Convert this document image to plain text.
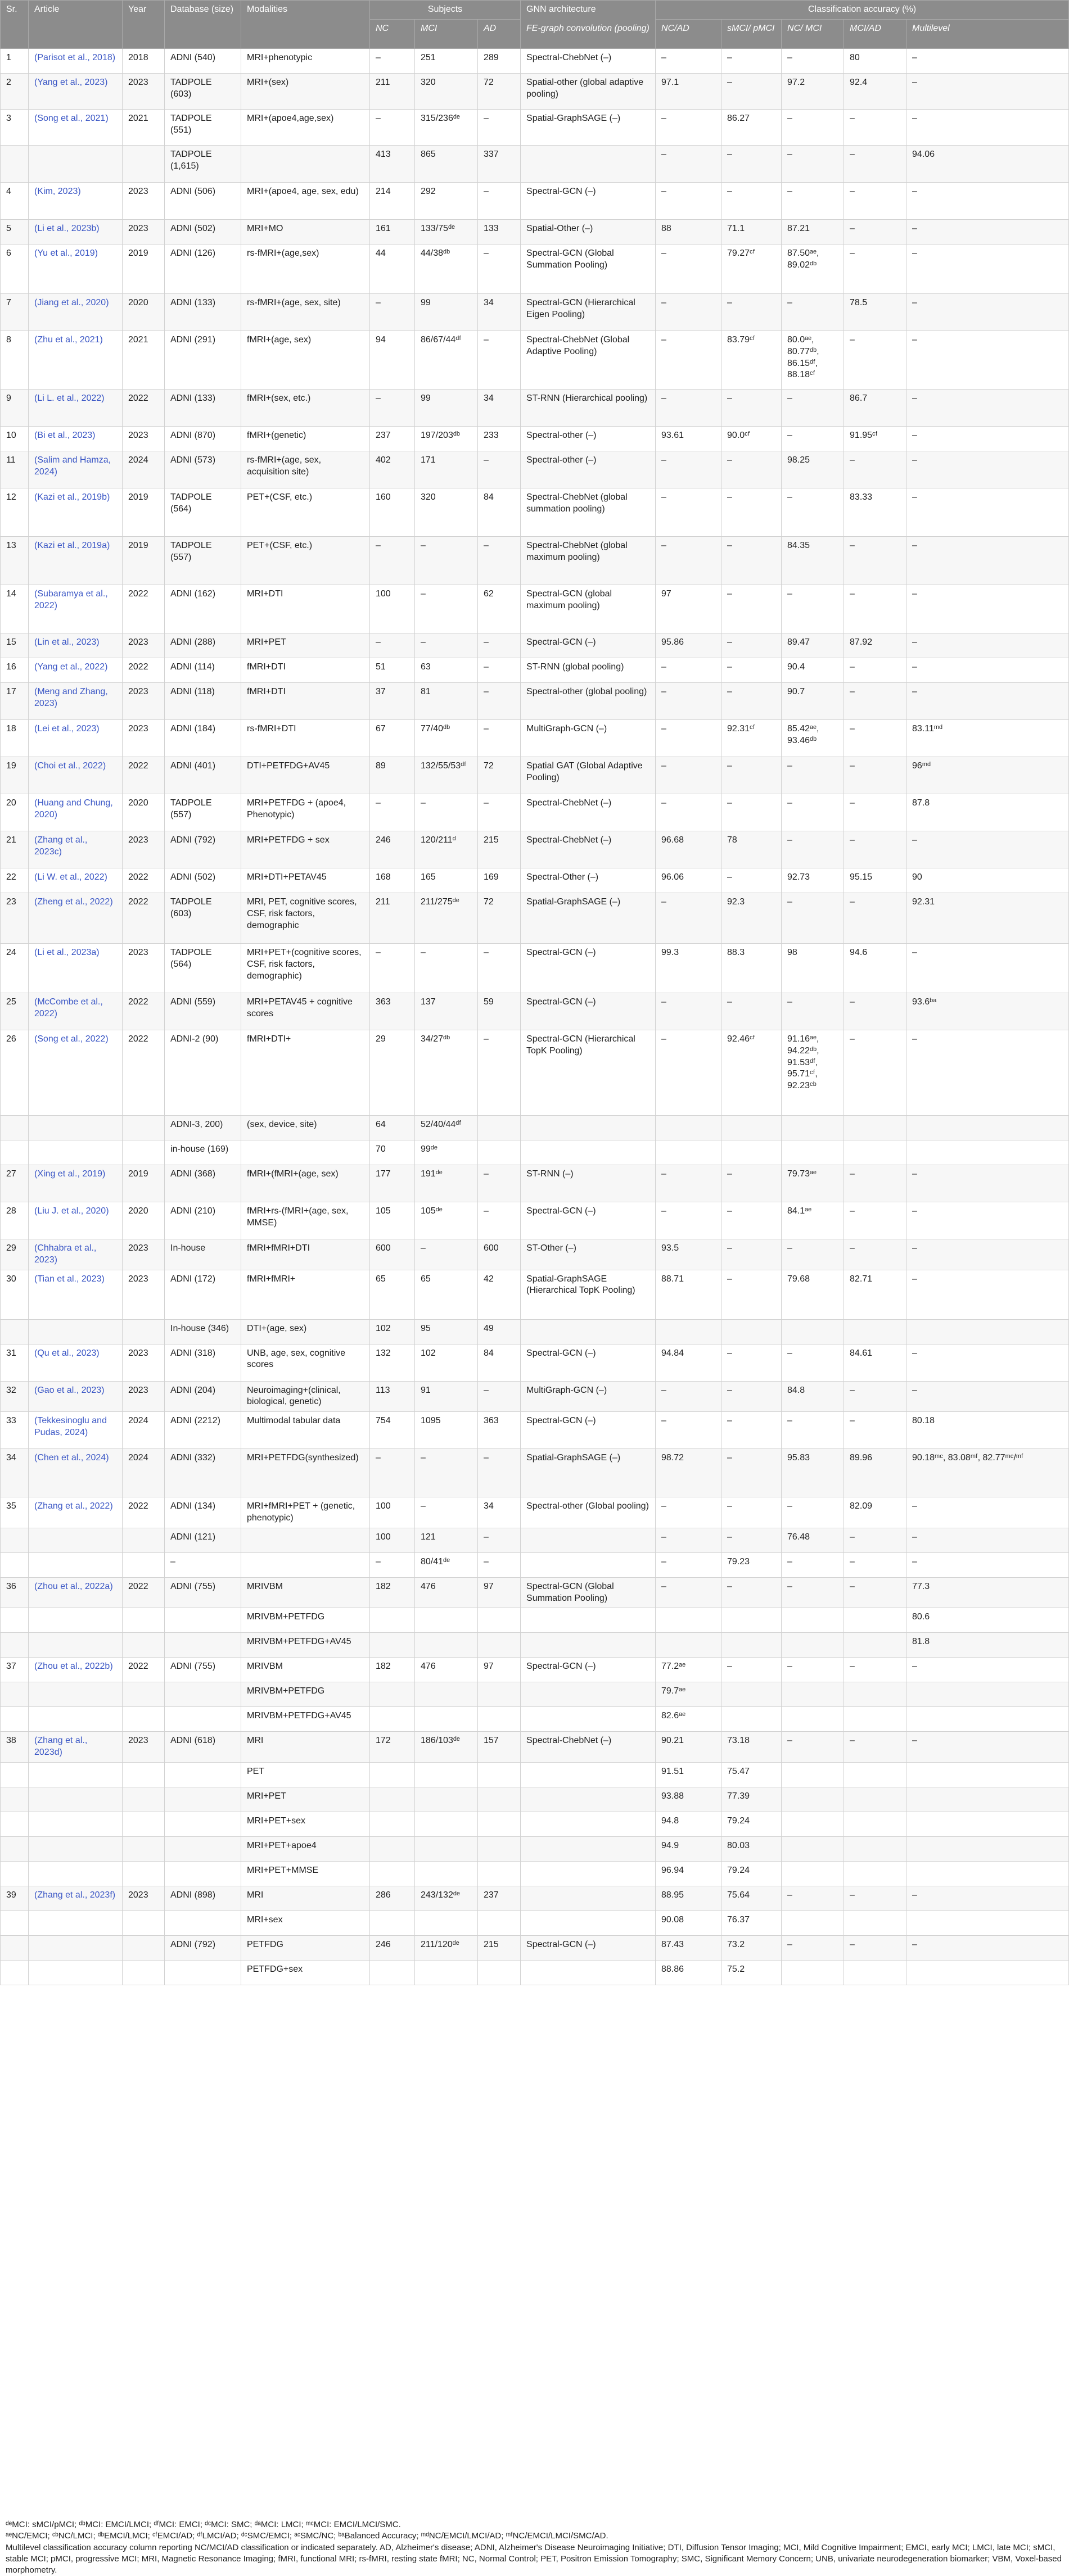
Sr.	Article	Year	Database (size)	Modalities	Subjects			GNN architecture	Classification accuracy (%)				
					NC	MCI	AD	FE-graph convolution (pooling)	NC/AD	sMCI/ pMCI	NC/ MCI	MCI/AD	Multilevel
1	(Parisot et al., 2018)	2018	ADNI (540)	MRI+phenotypic	–	251	289	Spectral-ChebNet (–)	–	–	–	80	–
2	(Yang et al., 2023)	2023	TADPOLE (603)	MRI+(sex)	211	320	72	Spatial-other (global adaptive pooling)	97.1	–	97.2	92.4	–
3	(Song et al., 2021)	2021	TADPOLE (551)	MRI+(apoe4,age,sex)	–	315/236ᵈᵉ	–	Spatial-GraphSAGE (–)	–	86.27	–	–	–
			TADPOLE (1,615)		413	865	337		–	–	–	–	94.06
4	(Kim, 2023)	2023	ADNI (506)	MRI+(apoe4, age, sex, edu)	214	292	–	Spectral-GCN (–)	–	–	–	–	–
5	(Li et al., 2023b)	2023	ADNI (502)	MRI+MO	161	133/75ᵈᵉ	133	Spatial-Other (–)	88	71.1	87.21	–	–
6	(Yu et al., 2019)	2019	ADNI (126)	rs-fMRI+(age,sex)	44	44/38ᵈᵇ	–	Spectral-GCN (Global Summation Pooling)	–	79.27ᶜᶠ	87.50ᵃᵉ, 89.02ᵈᵇ	–	–
7	(Jiang et al., 2020)	2020	ADNI (133)	rs-fMRI+(age, sex, site)	–	99	34	Spectral-GCN (Hierarchical Eigen Pooling)	–	–	–	78.5	–
8	(Zhu et al., 2021)	2021	ADNI (291)	fMRI+(age, sex)	94	86/67/44ᵈᶠ	–	Spectral-ChebNet (Global Adaptive Pooling)	–	83.79ᶜᶠ	80.0ᵃᵉ, 80.77ᵈᵇ, 86.15ᵈᶠ, 88.18ᶜᶠ	–	–
9	(Li L. et al., 2022)	2022	ADNI (133)	fMRI+(sex, etc.)	–	99	34	ST-RNN (Hierarchical pooling)	–	–	–	86.7	–
10	(Bi et al., 2023)	2023	ADNI (870)	fMRI+(genetic)	237	197/203ᵈᵇ	233	Spectral-other (–)	93.61	90.0ᶜᶠ	–	91.95ᶜᶠ	–
11	(Salim and Hamza, 2024)	2024	ADNI (573)	rs-fMRI+(age, sex, acquisition site)	402	171	–	Spectral-other (–)	–	–	98.25	–	–
12	(Kazi et al., 2019b)	2019	TADPOLE (564)	PET+(CSF, etc.)	160	320	84	Spectral-ChebNet (global summation pooling)	–	–	–	83.33	–
13	(Kazi et al., 2019a)	2019	TADPOLE (557)	PET+(CSF, etc.)	–	–	–	Spectral-ChebNet (global maximum pooling)	–	–	84.35	–	–
14	(Subaramya et al., 2022)	2022	ADNI (162)	MRI+DTI	100	–	62	Spectral-GCN (global maximum pooling)	97	–	–	–	–
15	(Lin et al., 2023)	2023	ADNI (288)	MRI+PET	–	–	–	Spectral-GCN (–)	95.86	–	89.47	87.92	–
16	(Yang et al., 2022)	2022	ADNI (114)	fMRI+DTI	51	63	–	ST-RNN (global pooling)	–	–	90.4	–	–
17	(Meng and Zhang, 2023)	2023	ADNI (118)	fMRI+DTI	37	81	–	Spectral-other (global pooling)	–	–	90.7	–	–
18	(Lei et al., 2023)	2023	ADNI (184)	rs-fMRI+DTI	67	77/40ᵈᵇ	–	MultiGraph-GCN (–)	–	92.31ᶜᶠ	85.42ᵃᵉ, 93.46ᵈᵇ	–	83.11ᵐᵈ
19	(Choi et al., 2022)	2022	ADNI (401)	DTI+PETFDG+AV45	89	132/55/53ᵈᶠ	72	Spatial GAT (Global Adaptive Pooling)	–	–	–	–	96ᵐᵈ
20	(Huang and Chung, 2020)	2020	TADPOLE (557)	MRI+PETFDG + (apoe4, Phenotypic)	–	–	–	Spectral-ChebNet (–)	–	–	–	–	87.8
21	(Zhang et al., 2023c)	2023	ADNI (792)	MRI+PETFDG + sex	246	120/211ᵈ	215	Spectral-ChebNet (–)	96.68	78	–	–	–
22	(Li W. et al., 2022)	2022	ADNI (502)	MRI+DTI+PETAV45	168	165	169	Spectral-Other (–)	96.06	–	92.73	95.15	90
23	(Zheng et al., 2022)	2022	TADPOLE (603)	MRI, PET, cognitive scores, CSF, risk factors, demographic	211	211/275ᵈᵉ	72	Spatial-GraphSAGE (–)	–	92.3	–	–	92.31
24	(Li et al., 2023a)	2023	TADPOLE (564)	MRI+PET+(cognitive scores, CSF, risk factors, demographic)	–	–	–	Spectral-GCN (–)	99.3	88.3	98	94.6	–
25	(McCombe et al., 2022)	2022	ADNI (559)	MRI+PETAV45 + cognitive scores	363	137	59	Spectral-GCN (–)	–	–	–	–	93.6ᵇᵃ
26	(Song et al., 2022)	2022	ADNI-2 (90)	fMRI+DTI+	29	34/27ᵈᵇ	–	Spectral-GCN (Hierarchical TopK Pooling)	–	92.46ᶜᶠ	91.16ᵃᵉ, 94.22ᵈᵇ, 91.53ᵈᶠ, 95.71ᶜᶠ, 92.23ᶜᵇ	–	–
			ADNI-3, 200)	(sex, device, site)	64	52/40/44ᵈᶠ							
			in-house (169)		70	99ᵈᵉ							
27	(Xing et al., 2019)	2019	ADNI (368)	fMRI+(fMRI+(age, sex)	177	191ᵈᵉ	–	ST-RNN (–)	–	–	79.73ᵃᵉ	–	–
28	(Liu J. et al., 2020)	2020	ADNI (210)	fMRI+rs-(fMRI+(age, sex, MMSE)	105	105ᵈᵉ	–	Spectral-GCN (–)	–	–	84.1ᵃᵉ	–	–
29	(Chhabra et al., 2023)	2023	In-house	fMRI+fMRI+DTI	600	–	600	ST-Other (–)	93.5	–	–	–	–
30	(Tian et al., 2023)	2023	ADNI (172)	fMRI+fMRI+	65	65	42	Spatial-GraphSAGE (Hierarchical TopK Pooling)	88.71	–	79.68	82.71	–
			In-house (346)	DTI+(age, sex)	102	95	49						
31	(Qu et al., 2023)	2023	ADNI (318)	UNB, age, sex, cognitive scores	132	102	84	Spectral-GCN (–)	94.84	–	–	84.61	–
32	(Gao et al., 2023)	2023	ADNI (204)	Neuroimaging+(clinical, biological, genetic)	113	91	–	MultiGraph-GCN (–)	–	–	84.8	–	–
33	(Tekkesinoglu and Pudas, 2024)	2024	ADNI (2212)	Multimodal tabular data	754	1095	363	Spectral-GCN (–)	–	–	–	–	80.18
34	(Chen et al., 2024)	2024	ADNI (332)	MRI+PETFDG(synthesized)	–	–	–	Spatial-GraphSAGE (–)	98.72	–	95.83	89.96	90.18ᵐᶜ, 83.08ᵐᶠ, 82.77ᵐᶜ/ᵐᶠ
35	(Zhang et al., 2022)	2022	ADNI (134)	MRI+fMRI+PET + (genetic, phenotypic)	100	–	34	Spectral-other (Global pooling)	–	–	–	82.09	–
			ADNI (121)		100	121	–		–	–	76.48	–	–
			–		–	80/41ᵈᵉ	–		–	79.23	–	–	–
36	(Zhou et al., 2022a)	2022	ADNI (755)	MRIVBM	182	476	97	Spectral-GCN (Global Summation Pooling)	–	–	–	–	77.3
				MRIVBM+PETFDG									80.6
				MRIVBM+PETFDG+AV45									81.8
37	(Zhou et al., 2022b)	2022	ADNI (755)	MRIVBM	182	476	97	Spectral-GCN (–)	77.2ᵃᵉ	–	–	–	–
				MRIVBM+PETFDG					79.7ᵃᵉ				
				MRIVBM+PETFDG+AV45					82.6ᵃᵉ				
38	(Zhang et al., 2023d)	2023	ADNI (618)	MRI	172	186/103ᵈᵉ	157	Spectral-ChebNet (–)	90.21	73.18	–	–	–
				PET					91.51	75.47			
				MRI+PET					93.88	77.39			
				MRI+PET+sex					94.8	79.24			
				MRI+PET+apoe4					94.9	80.03			
				MRI+PET+MMSE					96.94	79.24			
39	(Zhang et al., 2023f)	2023	ADNI (898)	MRI	286	243/132ᵈᵉ	237		88.95	75.64	–	–	–
				MRI+sex					90.08	76.37			
			ADNI (792)	PETFDG	246	211/120ᵈᵉ	215	Spectral-GCN (–)	87.43	73.2	–	–	–
				PETFDG+sex					88.86	75.2			
ᵈᵉMCI: sMCI/pMCI; ᵈᵇMCI: EMCI/LMCI; ᵈᶠMCI: EMCI; ᵈᶜMCI: SMC; ᵈᵃMCI: LMCI; ᵐᶜMCI: EMCI/LMCI/SMC.
ᵃᵉNC/EMCI; ᶜᵇNC/LMCI; ᵈᵇEMCI/LMCI; ᶜᶠEMCI/AD; ᵈᶠLMCI/AD; ᵈᶜSMC/EMCI; ᵃᶜSMC/NC; ᵇᵃBalanced Accuracy; ᵐᵈNC/EMCI/LMCI/AD; ᵐᶠNC/EMCI/LMCI/SMC/AD.
Multilevel classification accuracy column reporting NC/MCI/AD classification or indicated separately. AD, Alzheimer's disease; ADNI, Alzheimer's Disease Neuroimaging Initiative; DTI, Diffusion Tensor Imaging; MCI, Mild Cognitive Impairment; EMCI, early MCI; LMCI, late MCI; sMCI, stable MCI; pMCI, progressive MCI; MRI, Magnetic Resonance Imaging; fMRI, functional MRI; rs-fMRI, resting state fMRI; NC, Normal Control; PET, Positron Emission Tomography; SMC, Significant Memory Concern; UNB, univariate neurodegeneration biomarker; VBM, Voxel-based morphometry.
